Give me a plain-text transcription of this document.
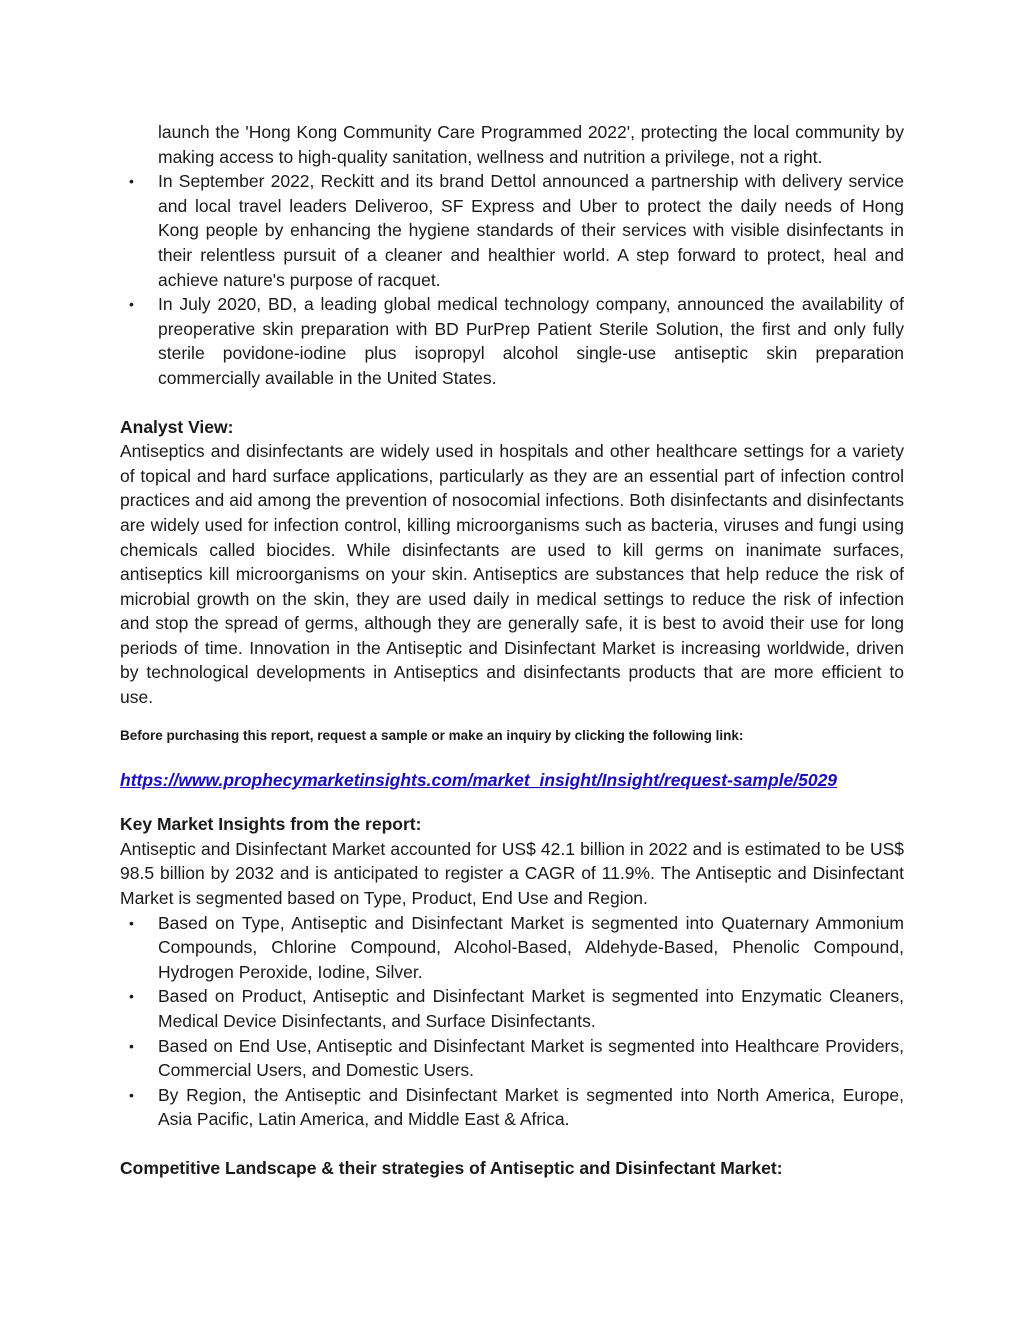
launch the 'Hong Kong Community Care Programmed 2022', protecting the local community by making access to high-quality sanitation, wellness and nutrition a privilege, not a right.

• In September 2022, Reckitt and its brand Dettol announced a partnership with delivery service and local travel leaders Deliveroo, SF Express and Uber to protect the daily needs of Hong Kong people by enhancing the hygiene standards of their services with visible disinfectants in their relentless pursuit of a cleaner and healthier world. A step forward to protect, heal and achieve nature's purpose of racquet.
• In July 2020, BD, a leading global medical technology company, announced the availability of preoperative skin preparation with BD PurPrep Patient Sterile Solution, the first and only fully sterile povidone-iodine plus isopropyl alcohol single-use antiseptic skin preparation commercially available in the United States.

Analyst View:

Antiseptics and disinfectants are widely used in hospitals and other healthcare settings for a variety of topical and hard surface applications, particularly as they are an essential part of infection control practices and aid among the prevention of nosocomial infections. Both disinfectants and disinfectants are widely used for infection control, killing microorganisms such as bacteria, viruses and fungi using chemicals called biocides. While disinfectants are used to kill germs on inanimate surfaces, antiseptics kill microorganisms on your skin. Antiseptics are substances that help reduce the risk of microbial growth on the skin, they are used daily in medical settings to reduce the risk of infection and stop the spread of germs, although they are generally safe, it is best to avoid their use for long periods of time. Innovation in the Antiseptic and Disinfectant Market is increasing worldwide, driven by technological developments in Antiseptics and disinfectants products that are more efficient to use.

Before purchasing this report, request a sample or make an inquiry by clicking the following link:

https://www.prophecymarketinsights.com/market_insight/Insight/request-sample/5029

Key Market Insights from the report:

Antiseptic and Disinfectant Market accounted for US$ 42.1 billion in 2022 and is estimated to be US$ 98.5 billion by 2032 and is anticipated to register a CAGR of 11.9%. The Antiseptic and Disinfectant Market is segmented based on Type, Product, End Use and Region.

• Based on Type, Antiseptic and Disinfectant Market is segmented into Quaternary Ammonium Compounds, Chlorine Compound, Alcohol-Based, Aldehyde-Based, Phenolic Compound, Hydrogen Peroxide, Iodine, Silver.
• Based on Product, Antiseptic and Disinfectant Market is segmented into Enzymatic Cleaners, Medical Device Disinfectants, and Surface Disinfectants.
• Based on End Use, Antiseptic and Disinfectant Market is segmented into Healthcare Providers, Commercial Users, and Domestic Users.
• By Region, the Antiseptic and Disinfectant Market is segmented into North America, Europe, Asia Pacific, Latin America, and Middle East & Africa.

Competitive Landscape & their strategies of Antiseptic and Disinfectant Market:
